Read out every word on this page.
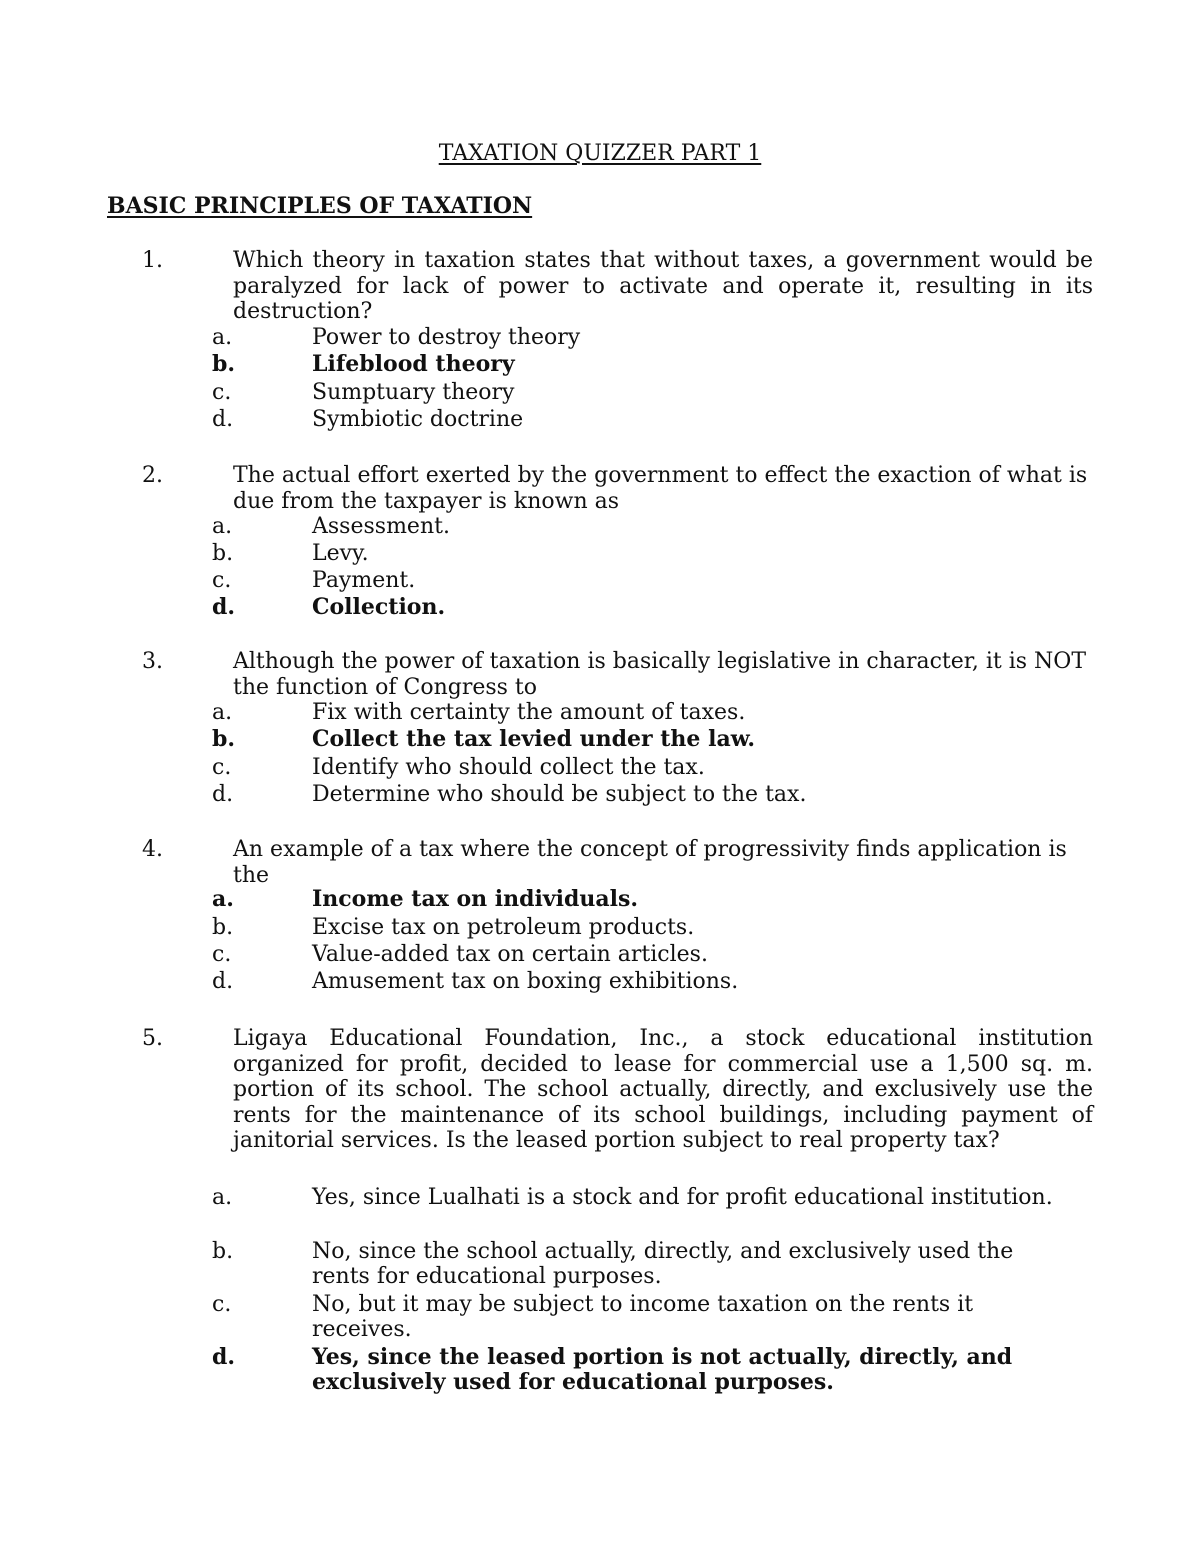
TAXATION QUIZZER PART 1
BASIC PRINCIPLES OF TAXATION
1.	Which theory in taxation states that without taxes, a government would be paralyzed for lack of power to activate and operate it, resulting in its destruction?

a.	Power to destroy theory
b.	Lifeblood theory
c.	Sumptuary theory
d.	Symbiotic doctrine
2.	The actual effort exerted by the government to effect the exaction of what is due from the taxpayer is known as

a.	Assessment.
b.	Levy.
c.	Payment.
d.	Collection.
3.	Although the power of taxation is basically legislative in character, it is NOT the function of Congress to

a.	Fix with certainty the amount of taxes.
b.	Collect the tax levied under the law.
c.	Identify who should collect the tax.
d.	Determine who should be subject to the tax.
4.	An example of a tax where the concept of progressivity finds application is the

a.	Income tax on individuals.
b.	Excise tax on petroleum products.
c.	Value-added tax on certain articles.
d.	Amusement tax on boxing exhibitions.
5.	Ligaya Educational Foundation, Inc., a stock educational institution organized for profit, decided to lease for commercial use a 1,500 sq. m. portion of its school. The school actually, directly, and exclusively use the rents for the maintenance of its school buildings, including payment of janitorial services. Is the leased portion subject to real property tax?

a.	Yes, since Lualhati is a stock and for profit educational institution.
b.	No, since the school actually, directly, and exclusively used the rents for educational purposes.
c.	No, but it may be subject to income taxation on the rents it receives.
d.	Yes, since the leased portion is not actually, directly, and exclusively used for educational purposes.
